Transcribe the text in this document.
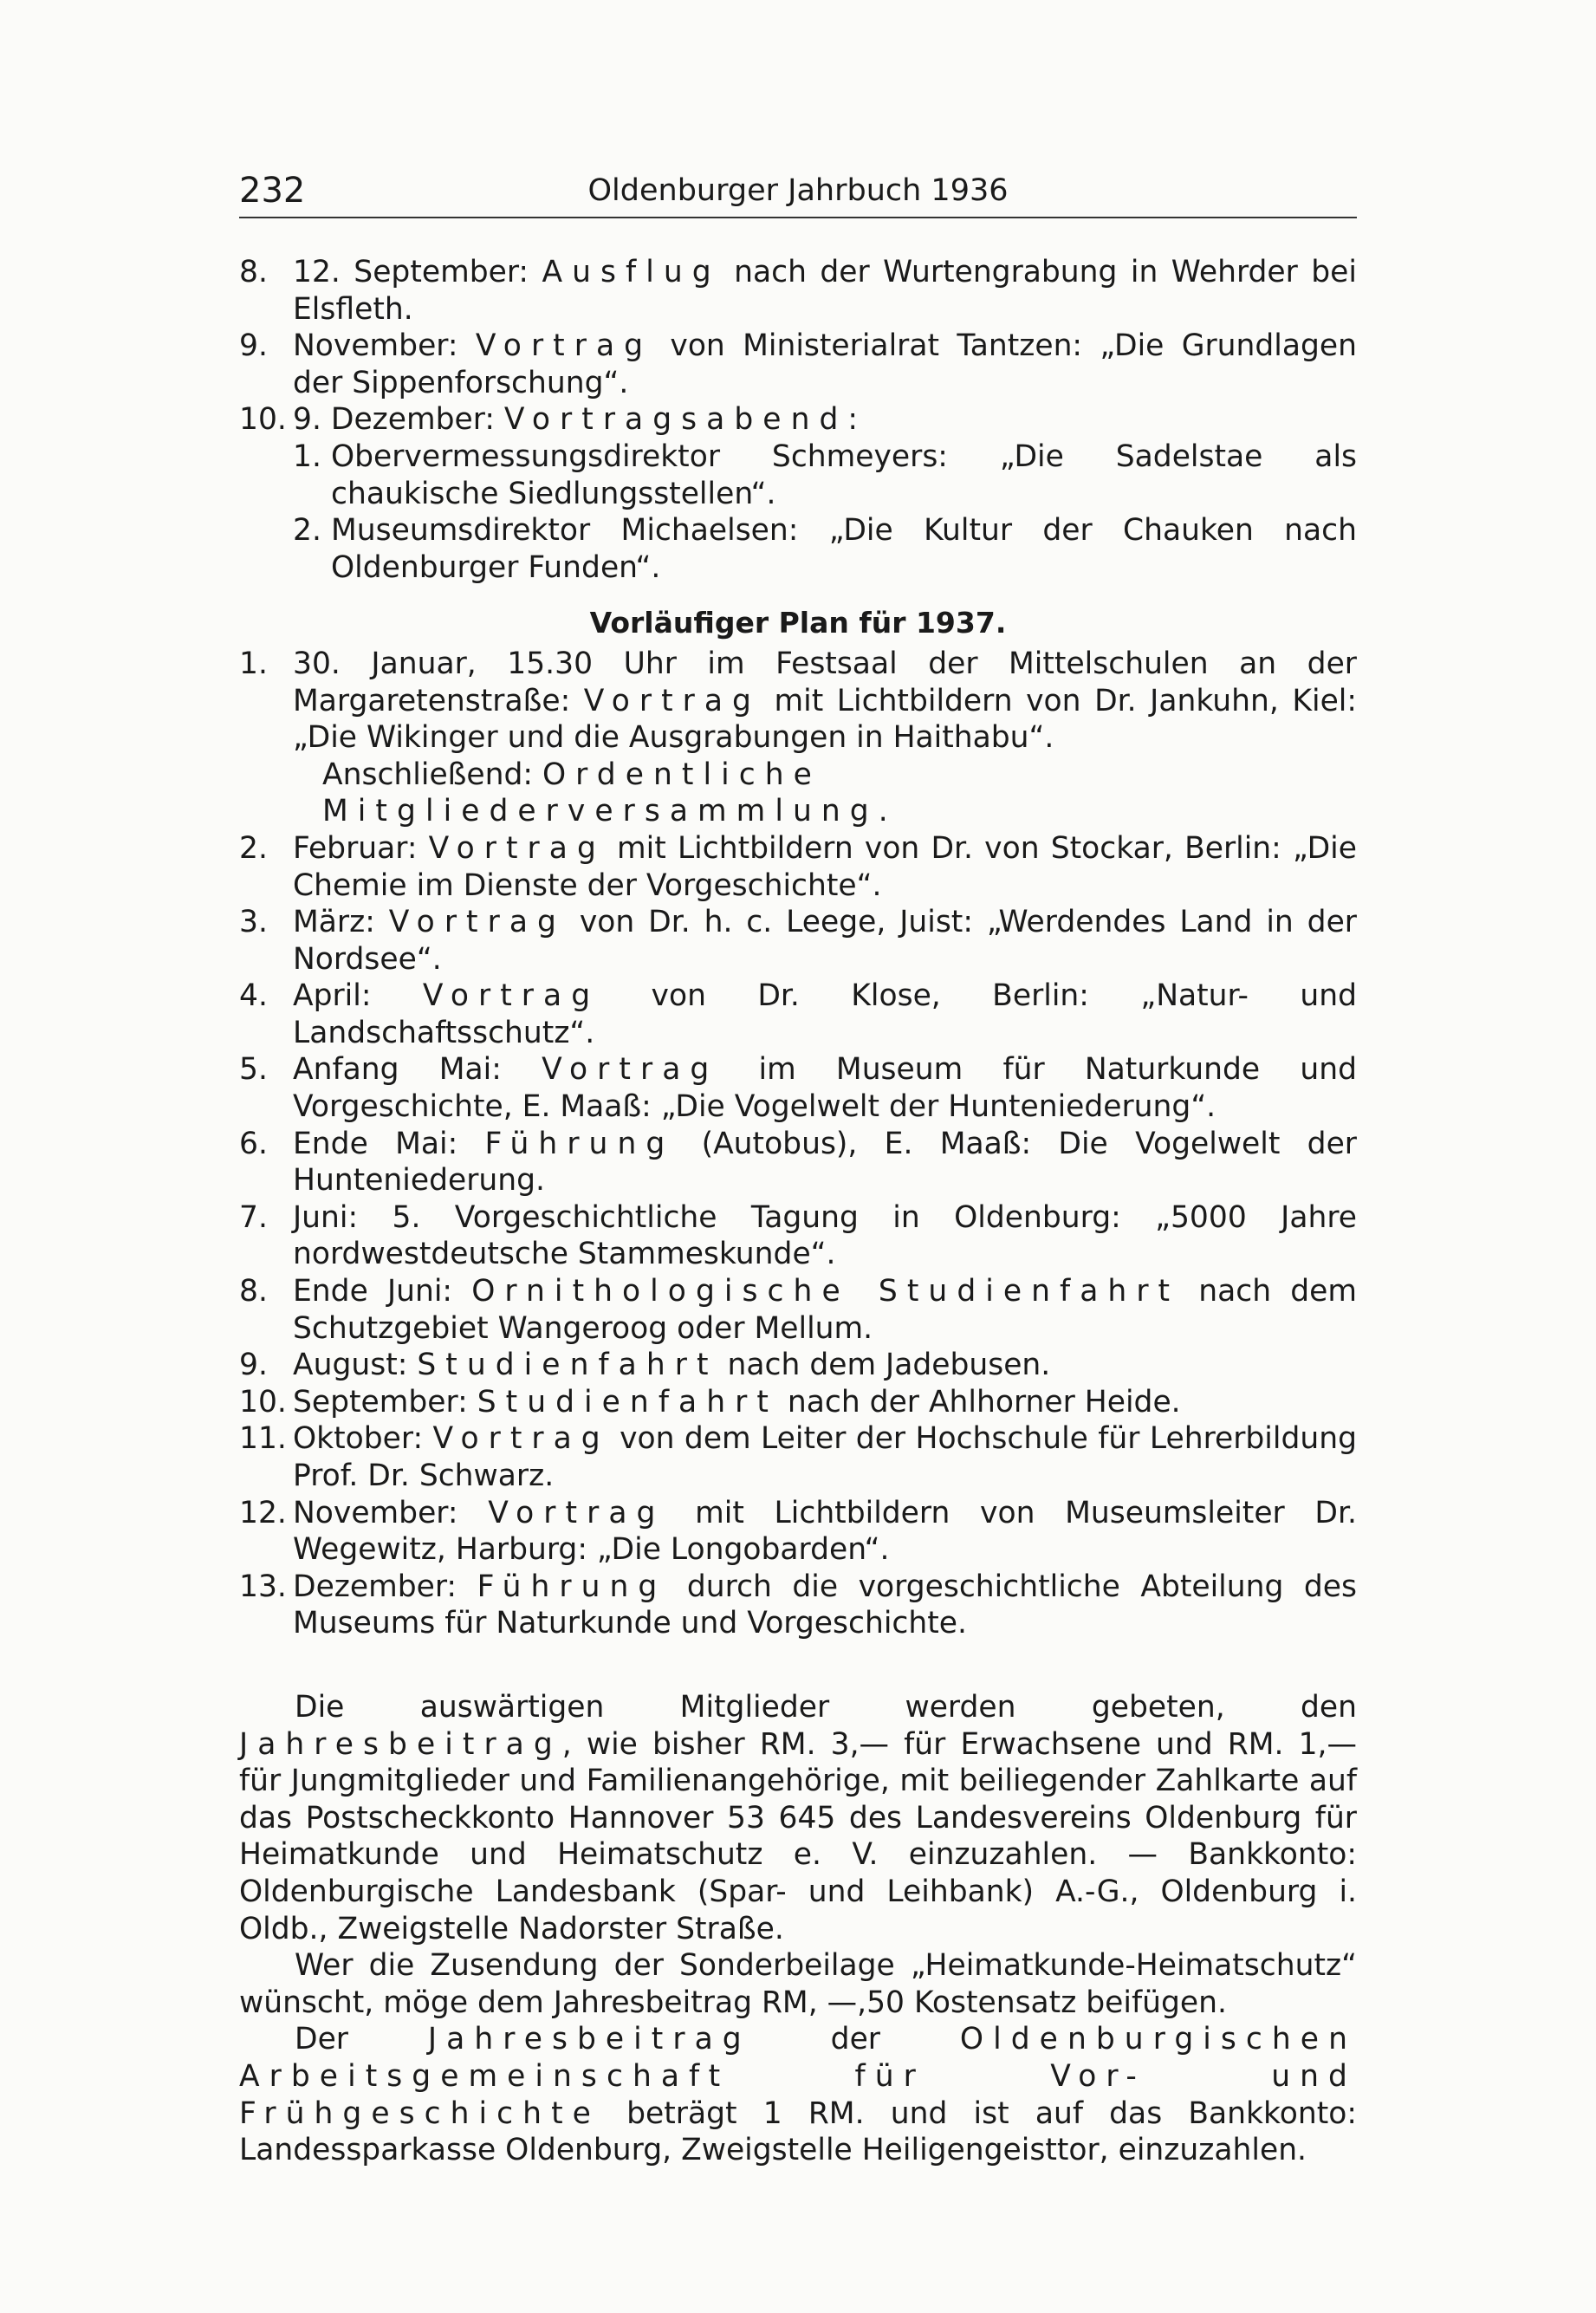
232	Oldenburger Jahrbuch 1936
8. 12. September: Ausflug nach der Wurtengrabung in Wehrder bei Elsfleth.
9. November: Vortrag von Ministerialrat Tantzen: „Die Grundlagen der Sippenforschung“.
10. 9. Dezember: Vortragsabend:
1. Obervermessungsdirektor Schmeyers: „Die Sadelstae als chaukische Siedlungsstellen“.
2. Museumsdirektor Michaelsen: „Die Kultur der Chauken nach Oldenburger Funden“.
Vorläufiger Plan für 1937.
1. 30. Januar, 15.30 Uhr im Festsaal der Mittelschulen an der Margaretenstraße: Vortrag mit Lichtbildern von Dr. Jankuhn, Kiel: „Die Wikinger und die Ausgrabungen in Haithabu“.
Anschließend: Ordentliche Mitgliederversammlung.
2. Februar: Vortrag mit Lichtbildern von Dr. von Stockar, Berlin: „Die Chemie im Dienste der Vorgeschichte“.
3. März: Vortrag von Dr. h. c. Leege, Juist: „Werdendes Land in der Nordsee“.
4. April: Vortrag von Dr. Klose, Berlin: „Natur- und Landschaftsschutz“.
5. Anfang Mai: Vortrag im Museum für Naturkunde und Vorgeschichte, E. Maaß: „Die Vogelwelt der Hunteniederung“.
6. Ende Mai: Führung (Autobus), E. Maaß: Die Vogelwelt der Hunteniederung.
7. Juni: 5. Vorgeschichtliche Tagung in Oldenburg: „5000 Jahre nordwestdeutsche Stammeskunde“.
8. Ende Juni: Ornithologische Studienfahrt nach dem Schutzgebiet Wangeroog oder Mellum.
9. August: Studienfahrt nach dem Jadebusen.
10. September: Studienfahrt nach der Ahlhorner Heide.
11. Oktober: Vortrag von dem Leiter der Hochschule für Lehrerbildung Prof. Dr. Schwarz.
12. November: Vortrag mit Lichtbildern von Museumsleiter Dr. Wegewitz, Harburg: „Die Longobarden“.
13. Dezember: Führung durch die vorgeschichtliche Abteilung des Museums für Naturkunde und Vorgeschichte.
Die auswärtigen Mitglieder werden gebeten, den Jahresbeitrag, wie bisher RM. 3,— für Erwachsene und RM. 1,— für Jungmitglieder und Familienangehörige, mit beiliegender Zahlkarte auf das Postscheckkonto Hannover 53 645 des Landesvereins Oldenburg für Heimatkunde und Heimatschutz e. V. einzuzahlen. — Bankkonto: Oldenburgische Landesbank (Spar- und Leihbank) A.-G., Oldenburg i. Oldb., Zweigstelle Nadorster Straße.
Wer die Zusendung der Sonderbeilage „Heimatkunde-Heimatschutz“ wünscht, möge dem Jahresbeitrag RM, —,50 Kostensatz beifügen.
Der Jahresbeitrag der Oldenburgischen Arbeitsgemeinschaft für Vor- und Frühgeschichte beträgt 1 RM. und ist auf das Bankkonto: Landessparkasse Oldenburg, Zweigstelle Heiligengeisttor, einzuzahlen.
